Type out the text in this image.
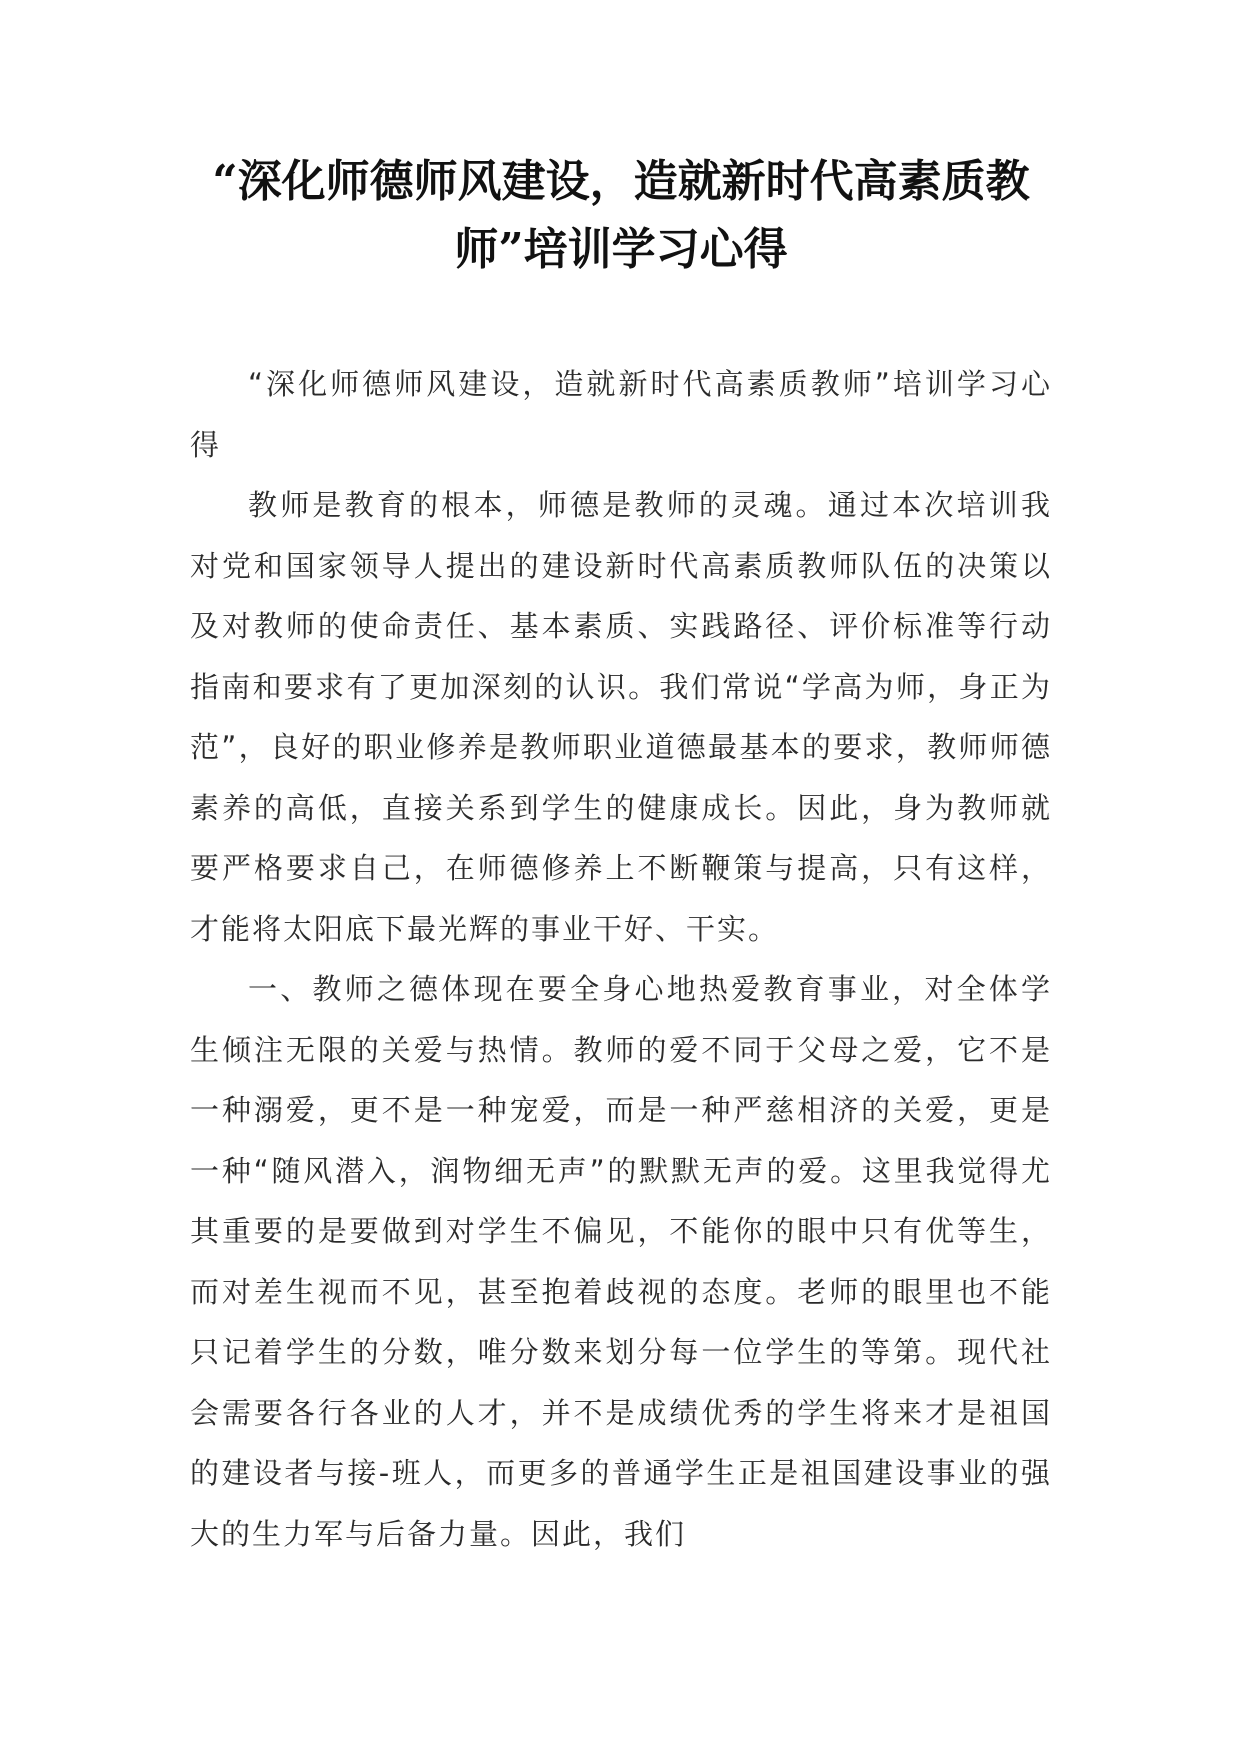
“深化师德师风建设，造就新时代高素质教师”培训学习心得

“深化师德师风建设，造就新时代高素质教师”培训学习心得

教师是教育的根本，师德是教师的灵魂。通过本次培训我对党和国家领导人提出的建设新时代高素质教师队伍的决策以及对教师的使命责任、基本素质、实践路径、评价标准等行动指南和要求有了更加深刻的认识。我们常说“学高为师，身正为范”，良好的职业修养是教师职业道德最基本的要求，教师师德素养的高低，直接关系到学生的健康成长。因此，身为教师就要严格要求自己，在师德修养上不断鞭策与提高，只有这样，才能将太阳底下最光辉的事业干好、干实。

一、教师之德体现在要全身心地热爱教育事业，对全体学生倾注无限的关爱与热情。教师的爱不同于父母之爱，它不是一种溺爱，更不是一种宠爱，而是一种严慈相济的关爱，更是一种“随风潜入，润物细无声”的默默无声的爱。这里我觉得尤其重要的是要做到对学生不偏见，不能你的眼中只有优等生，而对差生视而不见，甚至抱着歧视的态度。老师的眼里也不能只记着学生的分数，唯分数来划分每一位学生的等第。现代社会需要各行各业的人才，并不是成绩优秀的学生将来才是祖国的建设者与接-班人，而更多的普通学生正是祖国建设事业的强大的生力军与后备力量。因此，我们
